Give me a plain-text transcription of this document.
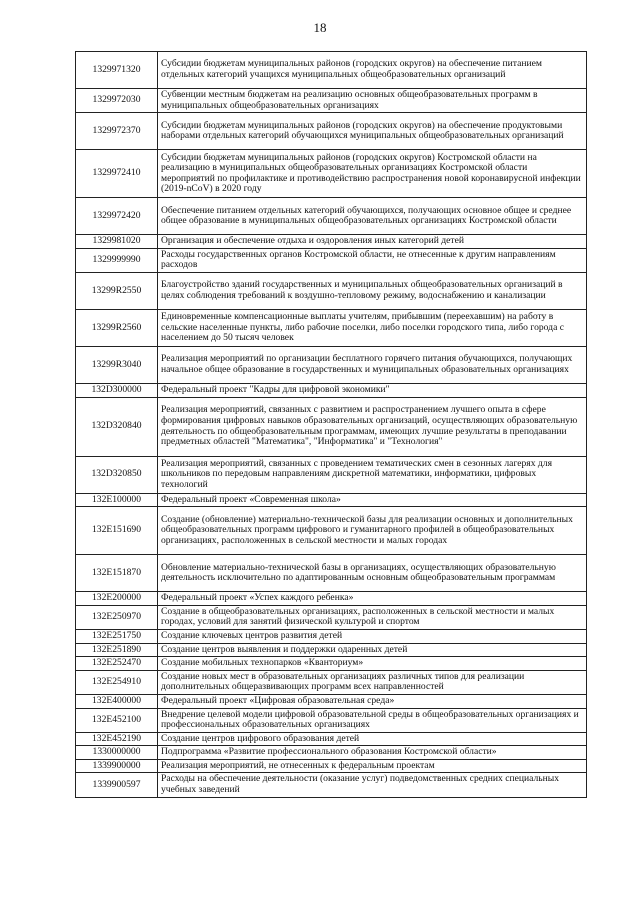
18
1329971320	Субсидии бюджетам муниципальных районов (городских округов) на обеспечение питанием отдельных категорий учащихся муниципальных общеобразовательных организаций
1329972030	Субвенции местным бюджетам на реализацию основных общеобразовательных программ в муниципальных общеобразовательных организациях
1329972370	Субсидии бюджетам муниципальных районов (городских округов) на обеспечение продуктовыми наборами отдельных категорий обучающихся муниципальных общеобразовательных организаций
1329972410	Субсидии бюджетам муниципальных районов (городских округов) Костромской области на реализацию в муниципальных общеобразовательных организациях Костромской области мероприятий по профилактике и противодействию распространения новой коронавирусной инфекции (2019-nCoV) в 2020 году
1329972420	Обеспечение питанием отдельных категорий обучающихся, получающих основное общее и среднее общее образование в муниципальных общеобразовательных организациях Костромской области
1329981020	Организация и обеспечение отдыха и оздоровления иных категорий детей
1329999990	Расходы государственных органов Костромской области, не отнесенные к другим направлениям расходов
13299R2550	Благоустройство зданий государственных и муниципальных общеобразовательных организаций в целях соблюдения требований к воздушно-тепловому режиму, водоснабжению и канализации
13299R2560	Единовременные компенсационные выплаты учителям, прибывшим (переехавшим) на работу в сельские населенные пункты, либо рабочие поселки, либо поселки городского типа, либо города с населением до 50 тысяч человек
13299R3040	Реализация мероприятий по организации бесплатного горячего питания обучающихся, получающих начальное общее образование в государственных и муниципальных образовательных организациях
132D300000	Федеральный проект "Кадры для цифровой экономики"
132D320840	Реализация мероприятий, связанных с развитием и распространением лучшего опыта в сфере формирования цифровых навыков образовательных организаций, осуществляющих образовательную деятельность по общеобразовательным программам, имеющих лучшие результаты в преподавании предметных областей "Математика", "Информатика" и "Технология"
132D320850	Реализация мероприятий, связанных с проведением тематических смен в сезонных лагерях для школьников по передовым направлениям дискретной математики, информатики, цифровых технологий
132E100000	Федеральный проект «Современная школа»
132E151690	Создание (обновление) материально-технической базы для реализации основных и дополнительных общеобразовательных программ цифрового и гуманитарного профилей в общеобразовательных организациях, расположенных в сельской местности и малых городах
132E151870	Обновление материально-технической базы в организациях, осуществляющих образовательную деятельность исключительно по адаптированным основным общеобразовательным программам
132E200000	Федеральный проект «Успех каждого ребенка»
132E250970	Создание в общеобразовательных организациях, расположенных в сельской местности и малых городах, условий для занятий физической культурой и спортом
132E251750	Создание ключевых центров развития детей
132E251890	Создание центров выявления и поддержки одаренных детей
132E252470	Создание мобильных технопарков «Кванториум»
132E254910	Создание новых мест в образовательных организациях различных типов для реализации дополнительных общеразвивающих программ всех направленностей
132E400000	Федеральный проект «Цифровая образовательная среда»
132E452100	Внедрение целевой модели цифровой образовательной среды в общеобразовательных организациях и профессиональных образовательных организациях
132E452190	Создание центров цифрового образования детей
1330000000	Подпрограмма «Развитие профессионального образования Костромской области»
1339900000	Реализация мероприятий, не отнесенных к федеральным проектам
1339900597	Расходы на обеспечение деятельности (оказание услуг) подведомственных средних специальных учебных заведений
